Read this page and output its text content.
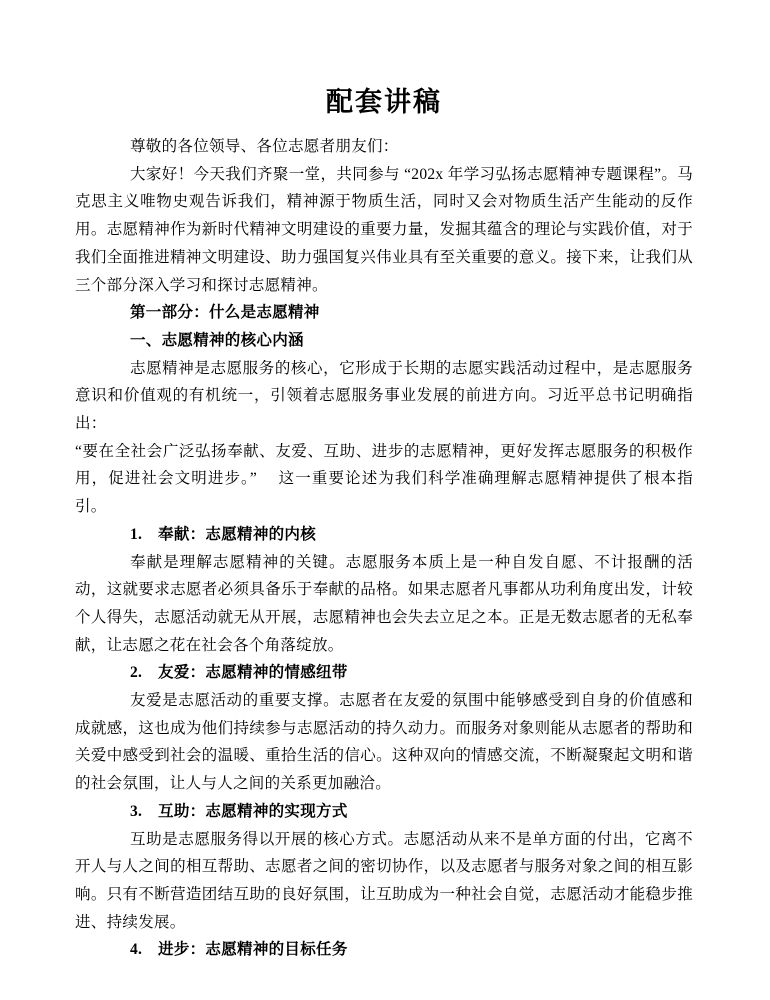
配套讲稿

尊敬的各位领导、各位志愿者朋友们：

大家好！今天我们齐聚一堂，共同参与 “202x 年学习弘扬志愿精神专题课程”。马克思主义唯物史观告诉我们，精神源于物质生活，同时又会对物质生活产生能动的反作用。志愿精神作为新时代精神文明建设的重要力量，发掘其蕴含的理论与实践价值，对于我们全面推进精神文明建设、助力强国复兴伟业具有至关重要的意义。接下来，让我们从三个部分深入学习和探讨志愿精神。

第一部分：什么是志愿精神

一、志愿精神的核心内涵

志愿精神是志愿服务的核心，它形成于长期的志愿实践活动过程中，是志愿服务意识和价值观的有机统一，引领着志愿服务事业发展的前进方向。习近平总书记明确指出：

“要在全社会广泛弘扬奉献、友爱、互助、进步的志愿精神，更好发挥志愿服务的积极作用，促进社会文明进步。” 　这一重要论述为我们科学准确理解志愿精神提供了根本指引。

1. 奉献：志愿精神的内核

奉献是理解志愿精神的关键。志愿服务本质上是一种自发自愿、不计报酬的活动，这就要求志愿者必须具备乐于奉献的品格。如果志愿者凡事都从功利角度出发，计较个人得失，志愿活动就无从开展，志愿精神也会失去立足之本。正是无数志愿者的无私奉献，让志愿之花在社会各个角落绽放。

2. 友爱：志愿精神的情感纽带

友爱是志愿活动的重要支撑。志愿者在友爱的氛围中能够感受到自身的价值感和成就感，这也成为他们持续参与志愿活动的持久动力。而服务对象则能从志愿者的帮助和关爱中感受到社会的温暖、重拾生活的信心。这种双向的情感交流，不断凝聚起文明和谐的社会氛围，让人与人之间的关系更加融洽。

3. 互助：志愿精神的实现方式

互助是志愿服务得以开展的核心方式。志愿活动从来不是单方面的付出，它离不开人与人之间的相互帮助、志愿者之间的密切协作，以及志愿者与服务对象之间的相互影响。只有不断营造团结互助的良好氛围，让互助成为一种社会自觉，志愿活动才能稳步推进、持续发展。

4. 进步：志愿精神的目标任务
